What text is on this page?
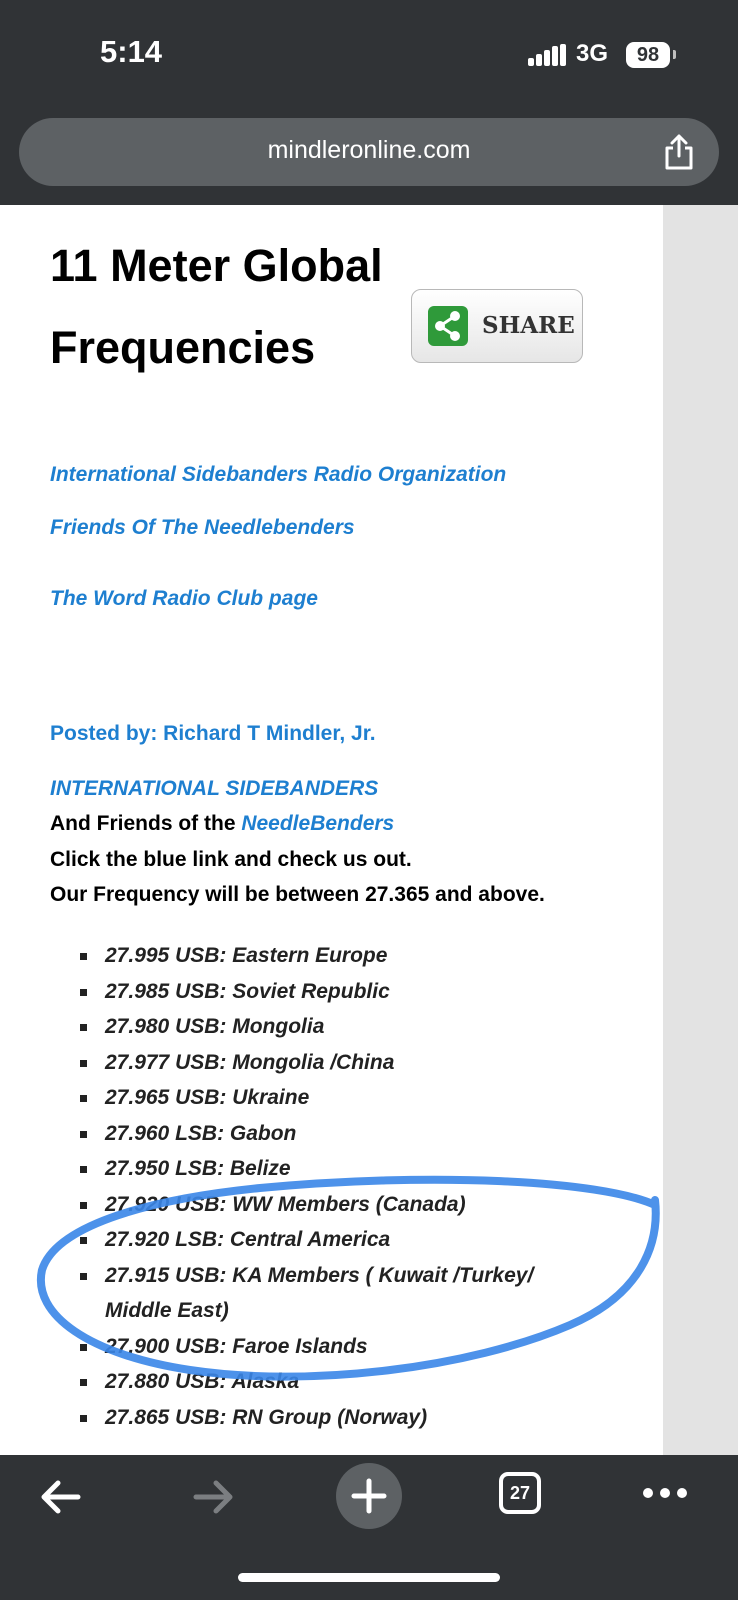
5:14	3G	98
mindleronline.com
11 Meter Global Frequencies	SHARE
International Sidebanders Radio Organization
Friends Of The Needlebenders
The Word Radio Club page
Posted by: Richard T Mindler, Jr.
INTERNATIONAL SIDEBANDERS
And Friends of the NeedleBenders
Click the blue link and check us out.
Our Frequency will be between 27.365 and above.
27.995 USB: Eastern Europe
27.985 USB: Soviet Republic
27.980 USB: Mongolia
27.977 USB: Mongolia /China
27.965 USB: Ukraine
27.960 LSB: Gabon
27.950 LSB: Belize
27.920 USB: WW Members (Canada)
27.920 LSB: Central America
27.915 USB: KA Members ( Kuwait /Turkey/ Middle East)
27.900 USB: Faroe Islands
27.880 USB: Alaska
27.865 USB: RN Group (Norway)
27
